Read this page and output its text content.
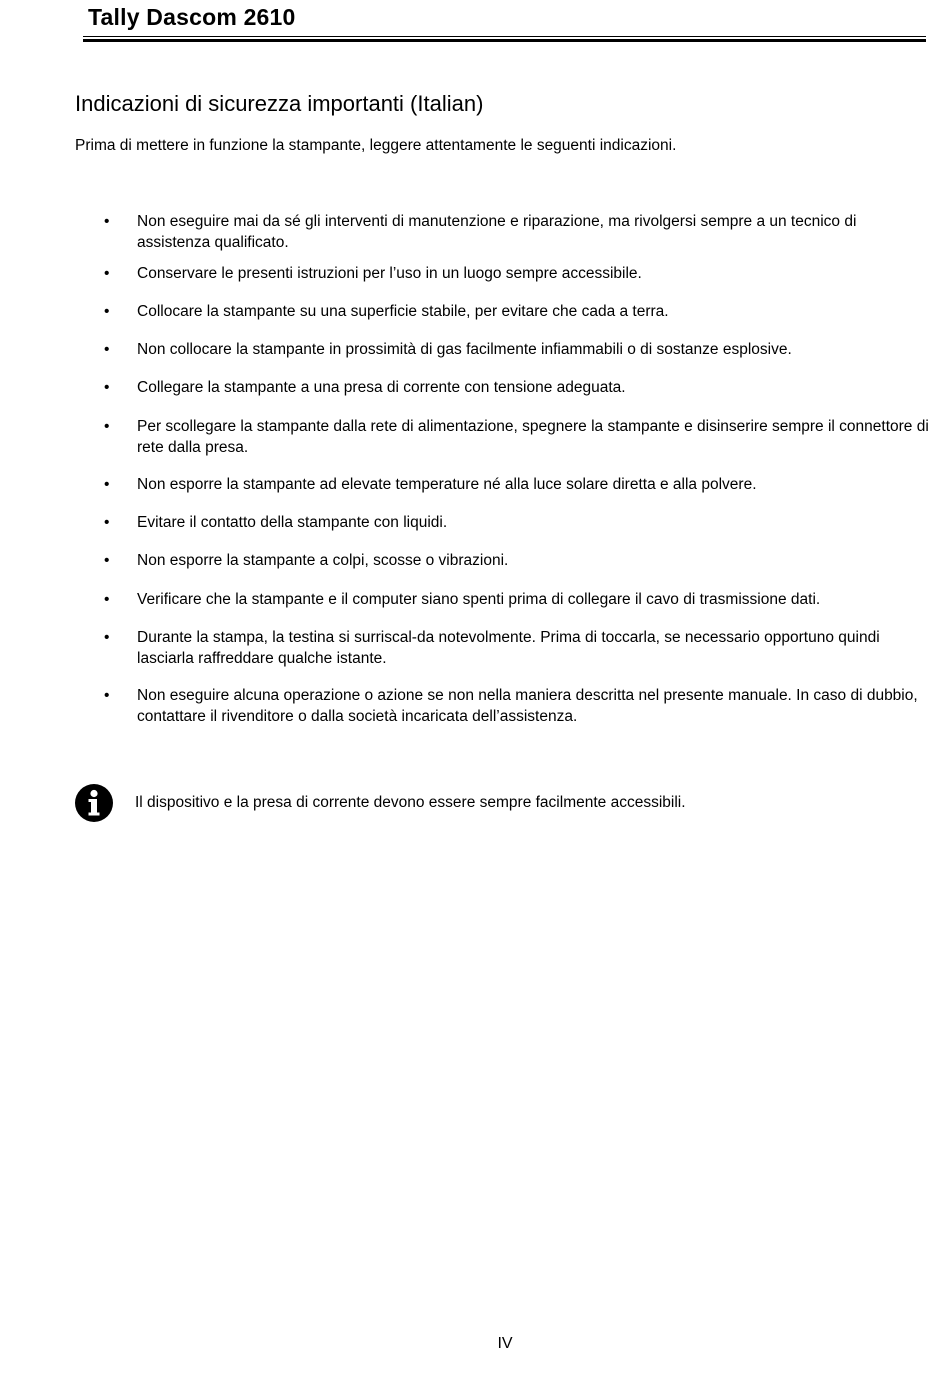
Tally Dascom 2610
Indicazioni di sicurezza importanti (Italian)
Prima di mettere in funzione la stampante, leggere attentamente le seguenti indicazioni.
• Non eseguire mai da sé gli interventi di manutenzione e riparazione, ma rivolgersi sempre a un tecnico di assistenza qualificato.
• Conservare le presenti istruzioni per l’uso in un luogo sempre accessibile.
• Collocare la stampante su una superficie stabile, per evitare che cada a terra.
• Non collocare la stampante in prossimità di gas facilmente infiammabili o di sostanze esplosive.
• Collegare la stampante a una presa di corrente con tensione adeguata.
• Per scollegare la stampante dalla rete di alimentazione, spegnere la stampante e disinserire sempre il connettore di rete dalla presa.
• Non esporre la stampante ad elevate temperature né alla luce solare diretta e alla polvere.
• Evitare il contatto della stampante con liquidi.
• Non esporre la stampante a colpi, scosse o vibrazioni.
• Verificare che la stampante e il computer siano spenti prima di collegare il cavo di trasmissione dati.
• Durante la stampa, la testina si surriscal-da notevolmente. Prima di toccarla, se necessario opportuno quindi lasciarla raffreddare qualche istante.
• Non eseguire alcuna operazione o azione se non nella maniera descritta nel presente manuale. In caso di dubbio, contattare il rivenditore o dalla società incaricata dell’assistenza.
Il dispositivo e la presa di corrente devono essere sempre facilmente accessibili.
IV
